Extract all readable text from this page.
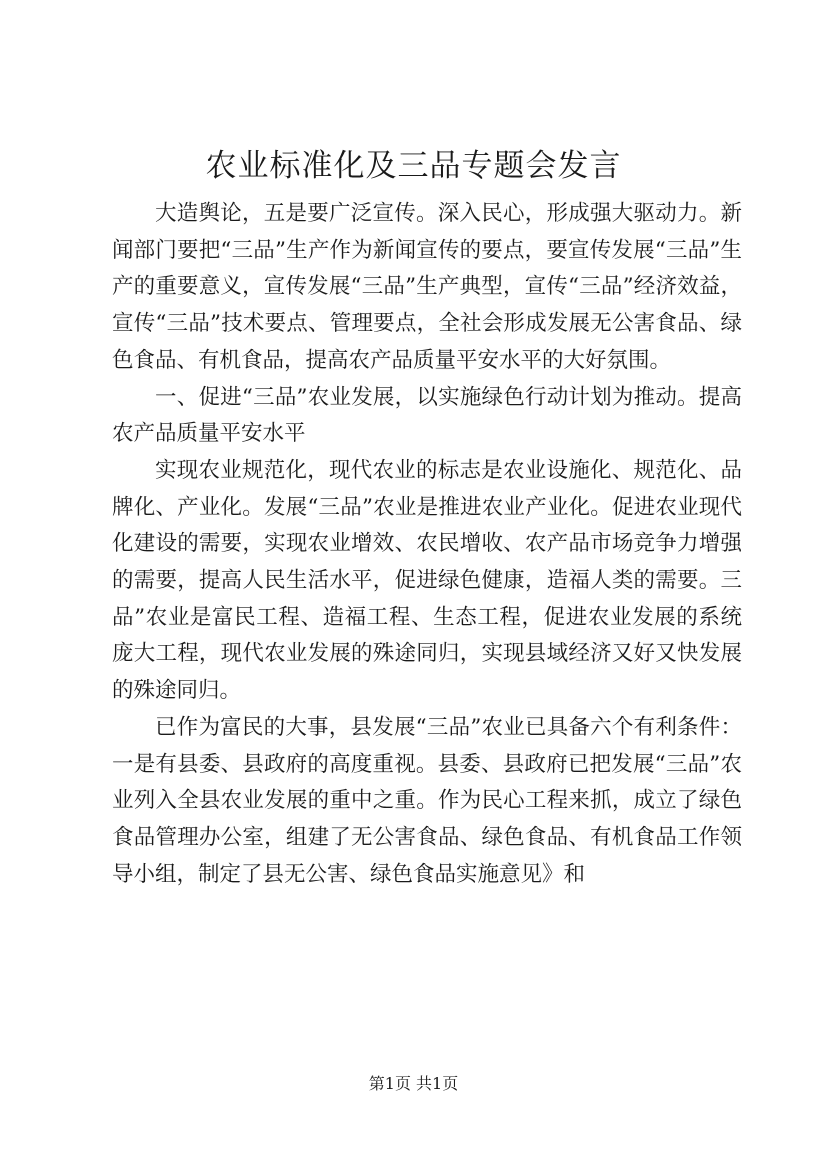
农业标准化及三品专题会发言

大造舆论，五是要广泛宣传。深入民心，形成强大驱动力。新闻部门要把“三品”生产作为新闻宣传的要点，要宣传发展“三品”生产的重要意义，宣传发展“三品”生产典型，宣传“三品”经济效益，宣传“三品”技术要点、管理要点，全社会形成发展无公害食品、绿色食品、有机食品，提高农产品质量平安水平的大好氛围。

一、促进“三品”农业发展，以实施绿色行动计划为推动。提高农产品质量平安水平

实现农业规范化，现代农业的标志是农业设施化、规范化、品牌化、产业化。发展“三品”农业是推进农业产业化。促进农业现代化建设的需要，实现农业增效、农民增收、农产品市场竞争力增强的需要，提高人民生活水平，促进绿色健康，造福人类的需要。三品”农业是富民工程、造福工程、生态工程，促进农业发展的系统庞大工程，现代农业发展的殊途同归，实现县域经济又好又快发展的殊途同归。

已作为富民的大事，县发展“三品”农业已具备六个有利条件：一是有县委、县政府的高度重视。县委、县政府已把发展“三品”农业列入全县农业发展的重中之重。作为民心工程来抓，成立了绿色食品管理办公室，组建了无公害食品、绿色食品、有机食品工作领导小组，制定了县无公害、绿色食品实施意见》和

第1页 共1页
